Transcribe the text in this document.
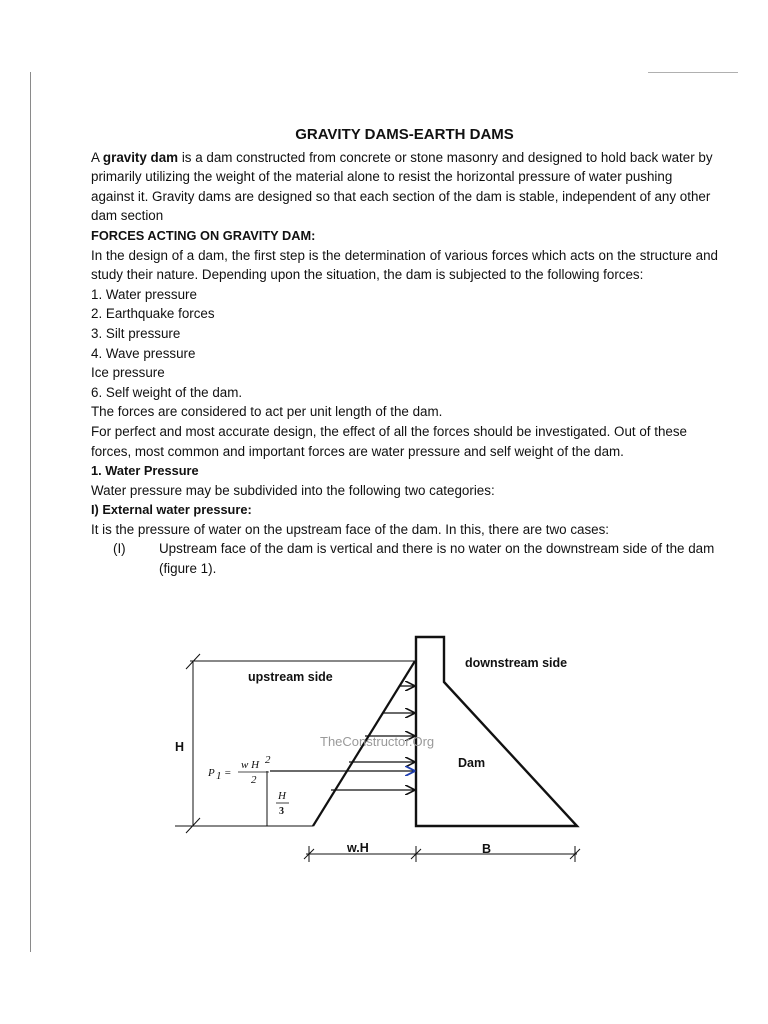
GRAVITY DAMS-EARTH DAMS

A gravity dam is a dam constructed from concrete or stone masonry and designed to hold back water by primarily utilizing the weight of the material alone to resist the horizontal pressure of water pushing against it. Gravity dams are designed so that each section of the dam is stable, independent of any other dam section

FORCES ACTING ON GRAVITY DAM:

In the design of a dam, the first step is the determination of various forces which acts on the structure and study their nature. Depending upon the situation, the dam is subjected to the following forces:

1. Water pressure
2. Earthquake forces
3. Silt pressure
4. Wave pressure
Ice pressure
6. Self weight of the dam.

The forces are considered to act per unit length of the dam.

For perfect and most accurate design, the effect of all the forces should be investigated. Out of these forces, most common and important forces are water pressure and self weight of the dam.

1. Water Pressure

Water pressure may be subdivided into the following two categories:

I) External water pressure:

It is the pressure of water on the upstream face of the dam. In this, there are two cases:

(I) Upstream face of the dam is vertical and there is no water on the downstream side of the dam (figure 1).
downstream side
upstream side
Dam
H
w.H	B
TheConstructor.Org
P 1 =
w H 2
2
H
3
